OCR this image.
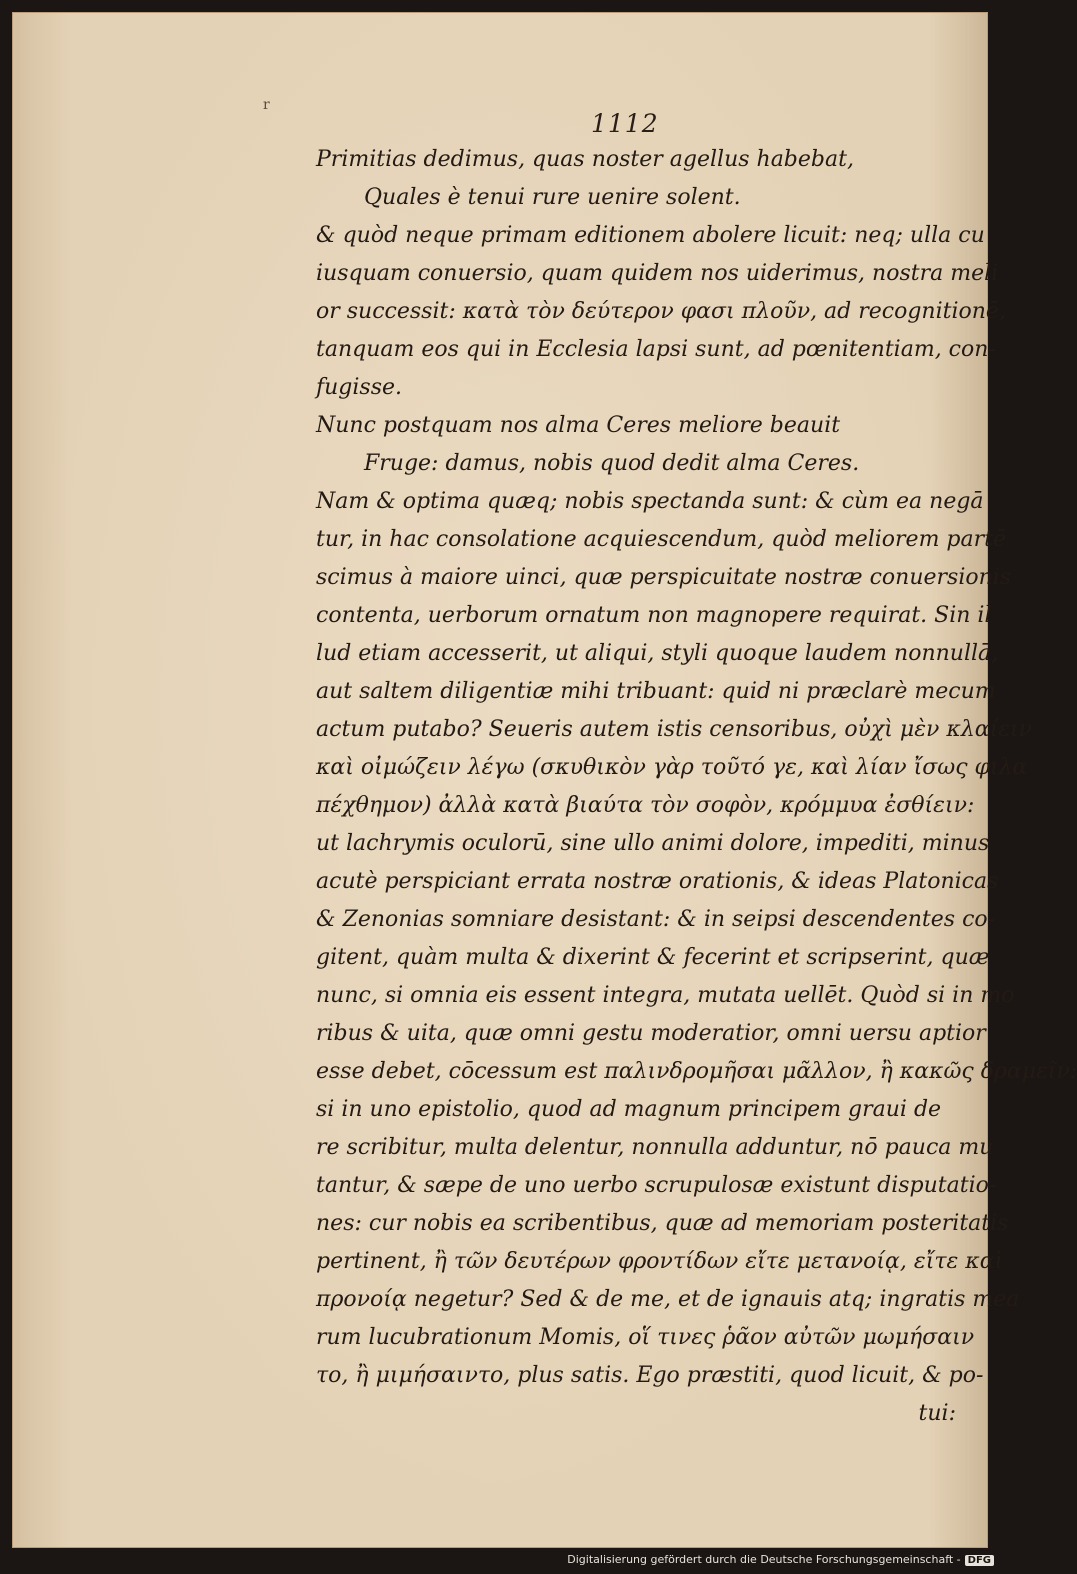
r
1112
Primitias dedimus, quas noster agellus habebat,
Quales è tenui rure uenire solent.
& quòd neque primam editionem abolere licuit: neq; ulla cu
iusquam conuersio, quam quidem nos uiderimus, nostra meli
or successit: κατὰ τὸν δεύτερον φασι πλοῦν, ad recognitionē,
tanquam eos qui in Ecclesia lapsi sunt, ad pœnitentiam, con-
fugisse.
Nunc postquam nos alma Ceres meliore beauit
Fruge: damus, nobis quod dedit alma Ceres.
Nam & optima quæq; nobis spectanda sunt: & cùm ea negā
tur, in hac consolatione acquiescendum, quòd meliorem partē
scimus à maiore uinci, quæ perspicuitate nostræ conuersionis
contenta, uerborum ornatum non magnopere requirat. Sin il
lud etiam accesserit, ut aliqui, styli quoque laudem nonnullā,
aut saltem diligentiæ mihi tribuant: quid ni præclarè mecum
actum putabo? Seueris autem istis censoribus, οὐχὶ μὲν κλαίειν
καὶ οἰμώζειν λέγω (σκυθικὸν γὰρ τοῦτό γε, καὶ λίαν ἴσως φιλα
πέχθημον) ἀλλὰ κατὰ βιαύτα τὸν σοφὸν, κρόμμυα ἐσθίειν:
ut lachrymis oculorū, sine ullo animi dolore, impediti, minus
acutè perspiciant errata nostræ orationis, & ideas Platonicas
& Zenonias somniare desistant: & in seipsi descendentes co-
gitent, quàm multa & dixerint & fecerint et scripserint, quæ
nunc, si omnia eis essent integra, mutata uellēt. Quòd si in mo
ribus & uita, quæ omni gestu moderatior, omni uersu aptior
esse debet, cōcessum est παλινδρομῆσαι μᾶλλον, ἢ κακῶς δραμεῖν:
si in uno epistolio, quod ad magnum principem graui de
re scribitur, multa delentur, nonnulla adduntur, nō pauca mu
tantur, & sæpe de uno uerbo scrupulosæ existunt disputatio-
nes: cur nobis ea scribentibus, quæ ad memoriam posteritatis
pertinent, ἢ τῶν δευτέρων φροντίδων εἴτε μετανοίᾳ, εἴτε καὶ
προνοίᾳ negetur? Sed & de me, et de ignauis atq; ingratis mea
rum lucubrationum Momis, οἵ τινες ῥᾶον αὐτῶν μωμήσαιν
το, ἢ μιμήσαιντο, plus satis. Ego præstiti, quod licuit, & po-
tui:
Digitalisierung gefördert durch die Deutsche Forschungsgemeinschaft - DFG
